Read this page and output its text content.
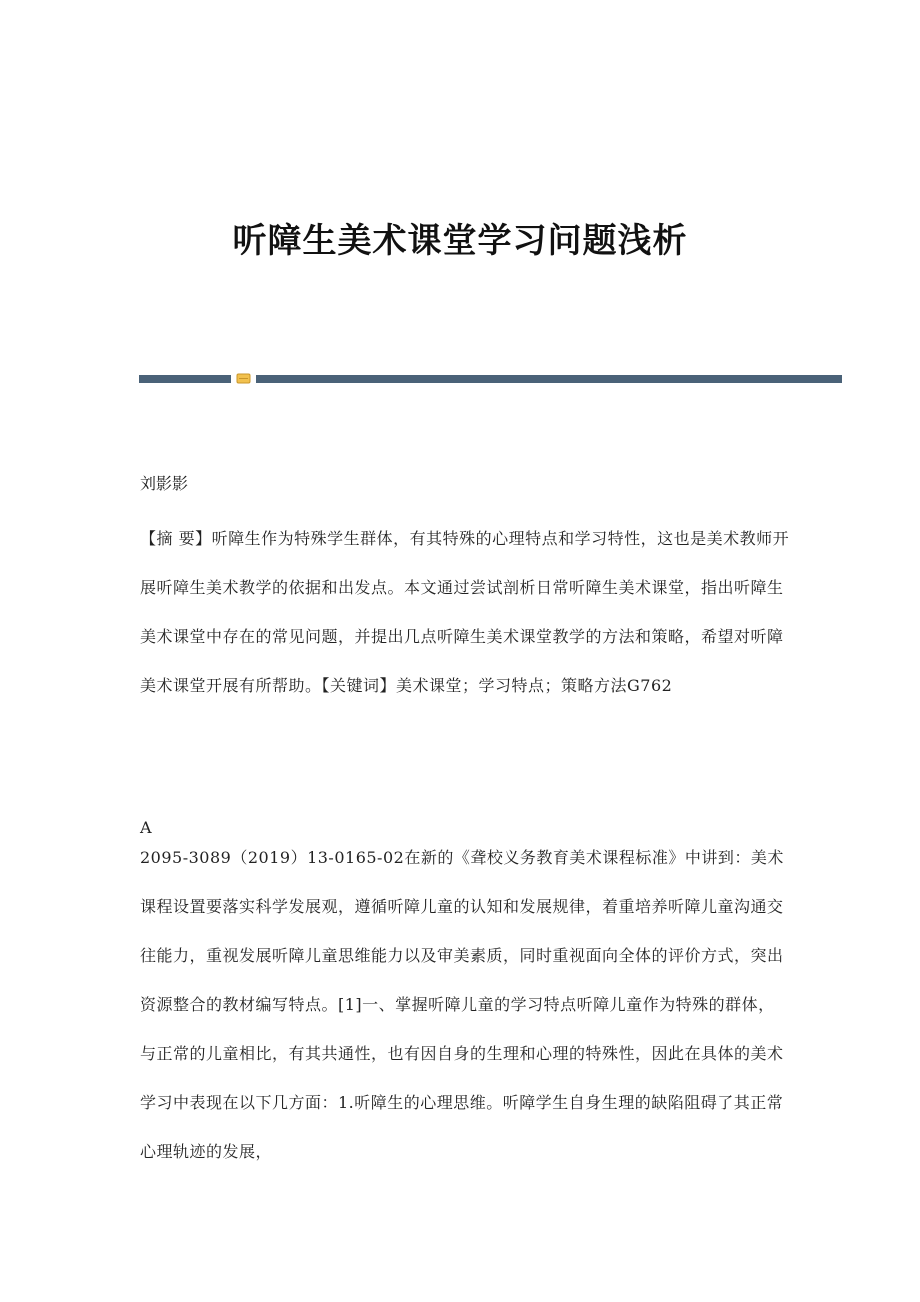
听障生美术课堂学习问题浅析
刘影影
【摘 要】听障生作为特殊学生群体，有其特殊的心理特点和学习特性，这也是美术教师开展听障生美术教学的依据和出发点。本文通过尝试剖析日常听障生美术课堂，指出听障生美术课堂中存在的常见问题，并提出几点听障生美术课堂教学的方法和策略，希望对听障美术课堂开展有所帮助。【关键词】美术课堂；学习特点；策略方法G762
A
2095-3089（2019）13-0165-02在新的《聋校义务教育美术课程标准》中讲到：美术课程设置要落实科学发展观，遵循听障儿童的认知和发展规律，着重培养听障儿童沟通交往能力，重视发展听障儿童思维能力以及审美素质，同时重视面向全体的评价方式，突出资源整合的教材编写特点。[1]一、掌握听障儿童的学习特点听障儿童作为特殊的群体，与正常的儿童相比，有其共通性，也有因自身的生理和心理的特殊性，因此在具体的美术学习中表现在以下几方面：1.听障生的心理思维。听障学生自身生理的缺陷阻碍了其正常心理轨迹的发展，
